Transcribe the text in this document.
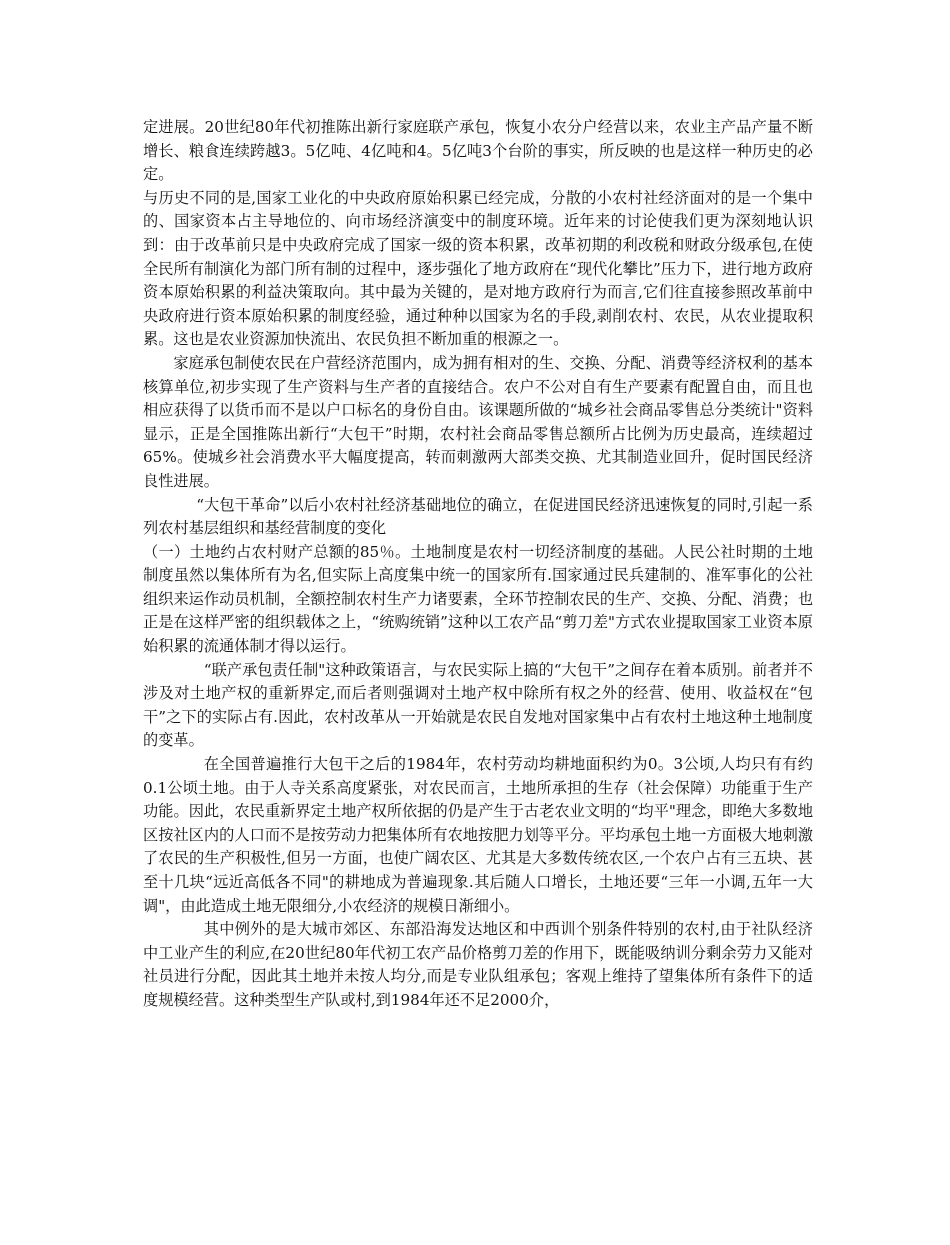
定进展。20世纪80年代初推陈出新行家庭联产承包，恢复小农分户经营以来，农业主产品产量不断增长、粮食连续跨越3。5亿吨、4亿吨和4。5亿吨3个台阶的事实，所反映的也是这样一种历史的必定。

与历史不同的是,国家工业化的中央政府原始积累已经完成，分散的小农村社经济面对的是一个集中的、国家资本占主导地位的、向市场经济演变中的制度环境。近年来的讨论使我们更为深刻地认识到：由于改革前只是中央政府完成了国家一级的资本积累，改革初期的利改税和财政分级承包,在使全民所有制演化为部门所有制的过程中，逐步强化了地方政府在“现代化攀比”压力下，进行地方政府资本原始积累的利益决策取向。其中最为关键的，是对地方政府行为而言,它们往直接参照改革前中央政府进行资本原始积累的制度经验，通过种种以国家为名的手段,剥削农村、农民，从农业提取积累。这也是农业资源加快流出、农民负担不断加重的根源之一。

家庭承包制使农民在户营经济范围内，成为拥有相对的生、交换、分配、消费等经济权利的基本核算单位,初步实现了生产资料与生产者的直接结合。农户不公对自有生产要素有配置自由，而且也相应获得了以货币而不是以户口标名的身份自由。该课题所做的“城乡社会商品零售总分类统计"资料显示，正是全国推陈出新行“大包干”时期，农村社会商品零售总额所占比例为历史最高，连续超过65%。使城乡社会消费水平大幅度提高，转而刺激两大部类交换、尤其制造业回升，促时国民经济良性进展。

“大包干革命”以后小农村社经济基础地位的确立，在促进国民经济迅速恢复的同时,引起一系列农村基层组织和基经营制度的变化

（一）土地约占农村财产总额的85％。土地制度是农村一切经济制度的基础。人民公社时期的土地制度虽然以集体所有为名,但实际上高度集中统一的国家所有.国家通过民兵建制的、准军事化的公社组织来运作动员机制，全额控制农村生产力诸要素，全环节控制农民的生产、交换、分配、消费；也正是在这样严密的组织载体之上，“统购统销”这种以工农产品“剪刀差"方式农业提取国家工业资本原始积累的流通体制才得以运行。

“联产承包责任制"这种政策语言，与农民实际上搞的“大包干”之间存在着本质别。前者并不涉及对土地产权的重新界定,而后者则强调对土地产权中除所有权之外的经营、使用、收益权在“包干”之下的实际占有.因此，农村改革从一开始就是农民自发地对国家集中占有农村土地这种土地制度的变革。

在全国普遍推行大包干之后的1984年，农村劳动均耕地面积约为0。3公顷,人均只有有约0.1公顷土地。由于人寺关系高度紧张，对农民而言，土地所承担的生存（社会保障）功能重于生产功能。因此，农民重新界定土地产权所依据的仍是产生于古老农业文明的“均平"理念，即绝大多数地区按社区内的人口而不是按劳动力把集体所有农地按肥力划等平分。平均承包土地一方面极大地刺激了农民的生产积极性,但另一方面，也使广阔农区、尤其是大多数传统农区,一个农户占有三五块、甚至十几块“远近高低各不同"的耕地成为普遍现象.其后随人口增长，土地还要“三年一小调,五年一大调"，由此造成土地无限细分,小农经济的规模日渐细小。

其中例外的是大城市郊区、东部沿海发达地区和中西训个别条件特别的农村,由于社队经济中工业产生的利应,在20世纪80年代初工农产品价格剪刀差的作用下，既能吸纳训分剩余劳力又能对社员进行分配，因此其土地并未按人均分,而是专业队组承包；客观上维持了望集体所有条件下的适度规模经营。这种类型生产队或村,到1984年还不足2000介，
